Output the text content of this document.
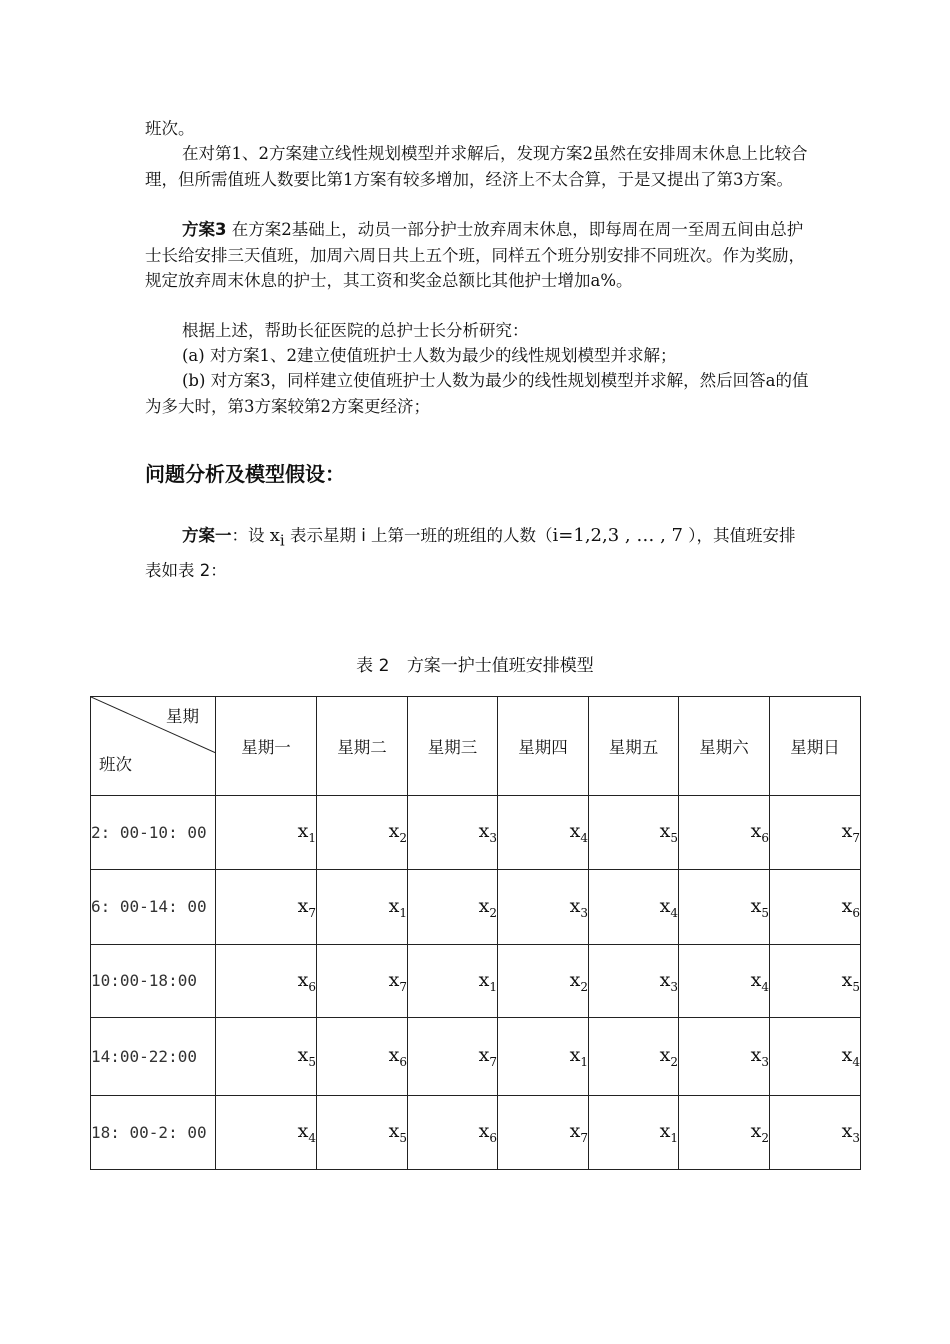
班次。

在对第1、2方案建立线性规划模型并求解后，发现方案2虽然在安排周末休息上比较合理，但所需值班人数要比第1方案有较多增加，经济上不太合算，于是又提出了第3方案。

方案3 在方案2基础上，动员一部分护士放弃周末休息，即每周在周一至周五间由总护士长给安排三天值班，加周六周日共上五个班，同样五个班分别安排不同班次。作为奖励，规定放弃周末休息的护士，其工资和奖金总额比其他护士增加a%。

根据上述，帮助长征医院的总护士长分析研究：

(a) 对方案1、2建立使值班护士人数为最少的线性规划模型并求解；

(b) 对方案3，同样建立使值班护士人数为最少的线性规划模型并求解，然后回答a的值为多大时，第3方案较第2方案更经济；

问题分析及模型假设：
方案一：设 $x_i$ 表示星期 i 上第一班的班组的人数（i=1,2,3 , … , 7 ），其值班安排表如表 2：
表 2 方案一护士值班安排模型
星期
班次	星期一	星期二	星期三	星期四	星期五	星期六	星期日
2: 00-10: 00	$x_1$	$x_2$	$x_3$	$x_4$	$x_5$	$x_6$	$x_7$
6: 00-14: 00	$x_7$	$x_1$	$x_2$	$x_3$	$x_4$	$x_5$	$x_6$
10:00-18:00	$x_6$	$x_7$	$x_1$	$x_2$	$x_3$	$x_4$	$x_5$
14:00-22:00	$x_5$	$x_6$	$x_7$	$x_1$	$x_2$	$x_3$	$x_4$
18: 00-2: 00	$x_4$	$x_5$	$x_6$	$x_7$	$x_1$	$x_2$	$x_3$
